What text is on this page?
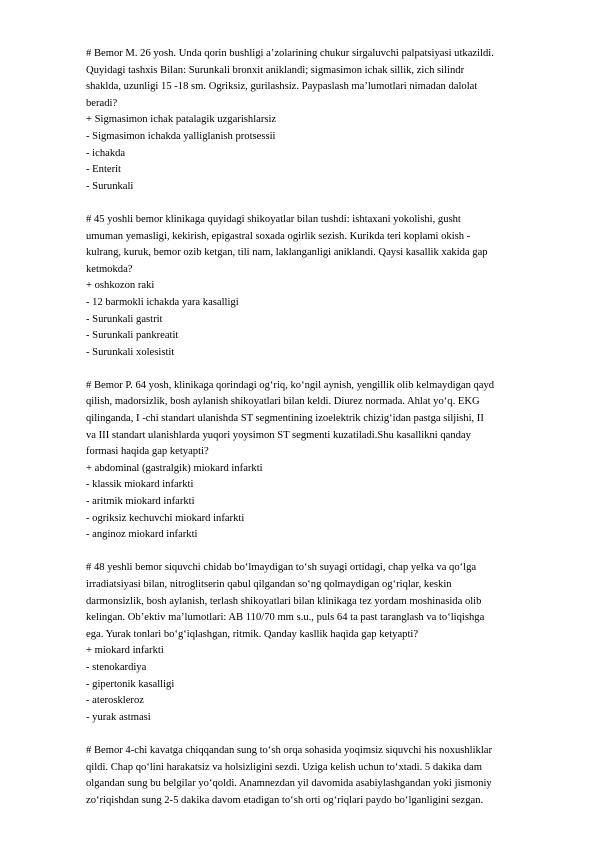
# Bemor M. 26 yosh. Unda qorin bushligi a’zolarining chukur sirgaluvchi palpatsiyasi utkazildi.
Quyidagi tashxis Bilan: Surunkali bronxit aniklandi; sigmasimon ichak sillik, zich silindr
shaklda, uzunligi 15 -18 sm. Ogriksiz, gurilashsiz. Paypaslash ma’lumotlari nimadan dalolat
beradi?
+ Sigmasimon ichak patalagik uzgarishlarsiz
- Sigmasimon ichakda yalliglanish protsessii
- ichakda
- Enterit
- Surunkali
# 45 yoshli bemor klinikaga quyidagi shikoyatlar bilan tushdi: ishtaxani yokolishi, gusht
umuman yemasligi, kekirish, epigastral soxada ogirlik sezish. Kurikda teri koplami okish -
kulrang, kuruk, bemor ozib ketgan, tili nam, laklanganligi aniklandi. Qaysi kasallik xakida gap
ketmokda?
+ oshkozon raki
- 12 barmokli ichakda yara kasalligi
- Surunkali gastrit
- Surunkali pankreatit
- Surunkali xolesistit
# Bemor P. 64 yosh, klinikaga qorindagi og‘riq, ko‘ngil aynish, yengillik olib kelmaydigan qayd
qilish, madorsizlik, bosh aylanish shikoyatlari bilan keldi. Diurez normada. Ahlat yo‘q. EKG
qilinganda, I -chi standart ulanishda ST segmentining izoelektrik chizig‘idan pastga siljishi, II
va III standart ulanishlarda yuqori yoysimon ST segmenti kuzatiladi.Shu kasallikni qanday
formasi haqida gap ketyapti?
+ abdominal (gastralgik) miokard infarkti
- klassik miokard infarkti
- aritmik miokard infarkti
- ogriksiz kechuvchi miokard infarkti
- anginoz miokard infarkti
# 48 yeshli bemor siquvchi chidab bo‘lmaydigan to‘sh suyagi ortidagi, chap yelka va qo‘lga
irradiatsiyasi bilan, nitroglitserin qabul qilgandan so‘ng qolmaydigan og‘riqlar, keskin
darmonsizlik, bosh aylanish, terlash shikoyatlari bilan klinikaga tez yordam moshinasida olib
kelingan. Ob’ektiv ma’lumotlari: AB 110/70 mm s.u., puls 64 ta past taranglash va to‘liqishga
ega. Yurak tonlari bo‘g‘iqlashgan, ritmik. Qanday kasllik haqida gap ketyapti?
+ miokard infarkti
- stenokardiya
- gipertonik kasalligi
- ateroskleroz
- yurak astmasi
# Bemor 4-chi kavatga chiqqandan sung to‘sh orqa sohasida yoqimsiz siquvchi his noxushliklar
qildi. Chap qo‘lini harakatsiz va holsizligini sezdi. Uziga kelish uchun to‘xtadi. 5 dakika dam
olgandan sung bu belgilar yo‘qoldi. Anamnezdan yil davomida asabiylashgandan yoki jismoniy
zo‘riqishdan sung 2-5 dakika davom etadigan to‘sh orti og‘riqlari paydo bo‘lganligini sezgan.
